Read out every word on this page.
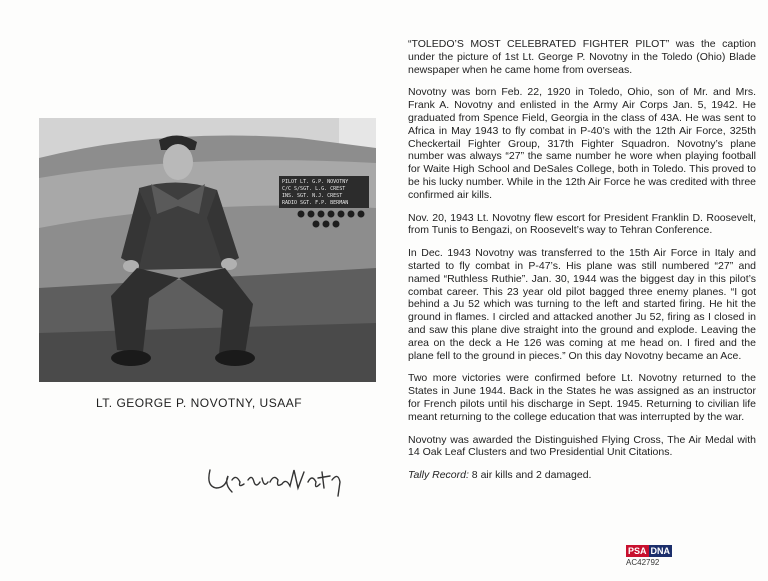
PILOT LT. G.P. NOVOTNY
C/C S/SGT. L.G. CREST
INS. SGT. N.J. CREST
RADIO SGT. F.P. BERMAN
LT. GEORGE P. NOVOTNY, USAAF

“TOLEDO’S MOST CELEBRATED FIGHTER PILOT” was the caption under the picture of 1st Lt. George P. Novotny in the Toledo (Ohio) Blade newspaper when he came home from overseas.

Novotny was born Feb. 22, 1920 in Toledo, Ohio, son of Mr. and Mrs. Frank A. Novotny and enlisted in the Army Air Corps Jan. 5, 1942. He graduated from Spence Field, Georgia in the class of 43A. He was sent to Africa in May 1943 to fly combat in P-40’s with the 12th Air Force, 325th Checkertail Fighter Group, 317th Fighter Squadron. Novotny’s plane number was always “27” the same number he wore when playing football for Waite High School and DeSales College, both in Toledo. This proved to be his lucky number. While in the 12th Air Force he was credited with three confirmed air kills.

Nov. 20, 1943 Lt. Novotny flew escort for President Franklin D. Roosevelt, from Tunis to Bengazi, on Roosevelt’s way to Tehran Conference.

In Dec. 1943 Novotny was transferred to the 15th Air Force in Italy and started to fly combat in P-47’s. His plane was still numbered “27” and named “Ruthless Ruthie”. Jan. 30, 1944 was the biggest day in this pilot’s combat career. This 23 year old pilot bagged three enemy planes. “I got behind a Ju 52 which was turning to the left and started firing. He hit the ground in flames. I circled and attacked another Ju 52, firing as I closed in and saw this plane dive straight into the ground and explode. Leaving the area on the deck a He 126 was coming at me head on. I fired and the plane fell to the ground in pieces.” On this day Novotny became an Ace.

Two more victories were confirmed before Lt. Novotny returned to the States in June 1944. Back in the States he was assigned as an instructor for French pilots until his discharge in Sept. 1945. Returning to civilian life meant returning to the college education that was interrupted by the war.

Novotny was awarded the Distinguished Flying Cross, The Air Medal with 14 Oak Leaf Clusters and two Presidential Unit Citations.

Tally Record: 8 air kills and 2 damaged.

PSA DNA
AC42792
